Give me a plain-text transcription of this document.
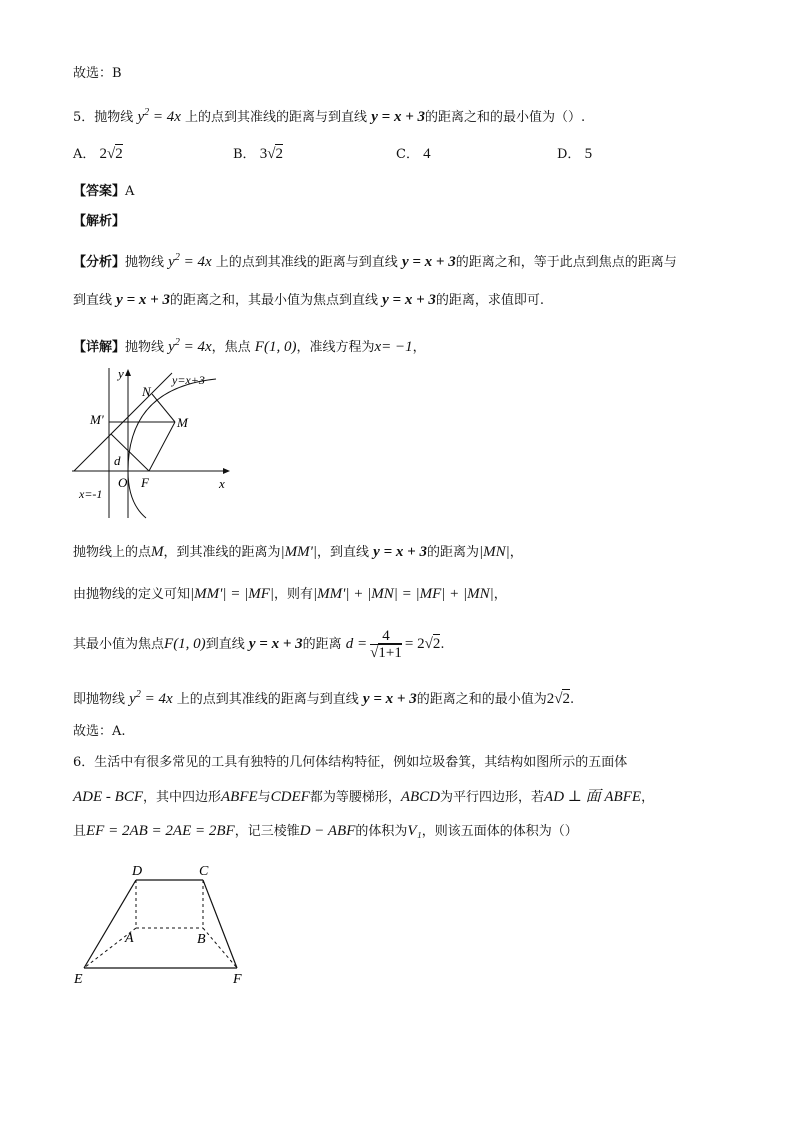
故选：B
5．抛物线 $y^2 = 4x$ 上的点到其准线的距离与到直线 y = x + 3的距离之和的最小值为（）.
A． 2√2	B． 3√2	C． 4	D． 5
【答案】A
【解析】
【分析】抛物线 $y^2 = 4x$ 上的点到其准线的距离与到直线 y = x + 3的距离之和，等于此点到焦点的距离与
到直线 y = x + 3的距离之和，其最小值为焦点到直线 y = x + 3的距离，求值即可.
【详解】抛物线 $y^2 = 4x$，焦点 F(1, 0)，准线方程为x= −1，
y
x
y=x+3
N
M
M'
d
O F
x=-1
抛物线上的点M，到其准线的距离为|MM'|，到直线 y = x + 3的距离为|MN|，
由抛物线的定义可知|MM'| = |MF|，则有|MM'| + |MN| = |MF| + |MN|，
其最小值为焦点F(1, 0)到直线 y = x + 3的距离 $d = \frac{4}{√1+1} = 2√2$.
即抛物线 $y^2 = 4x$ 上的点到其准线的距离与到直线 y = x + 3的距离之和的最小值为2√2.
故选：A.
6．生活中有很多常见的工具有独特的几何体结构特征，例如垃圾畚箕，其结构如图所示的五面体
ADE - BCF，其中四边形ABFE与CDEF都为等腰梯形，ABCD为平行四边形，若AD ⊥ 面 ABFE，
且EF = 2AB = 2AE = 2BF，记三棱锥D − ABF的体积为V₁，则该五面体的体积为（）
D	C
A	B
E	F
